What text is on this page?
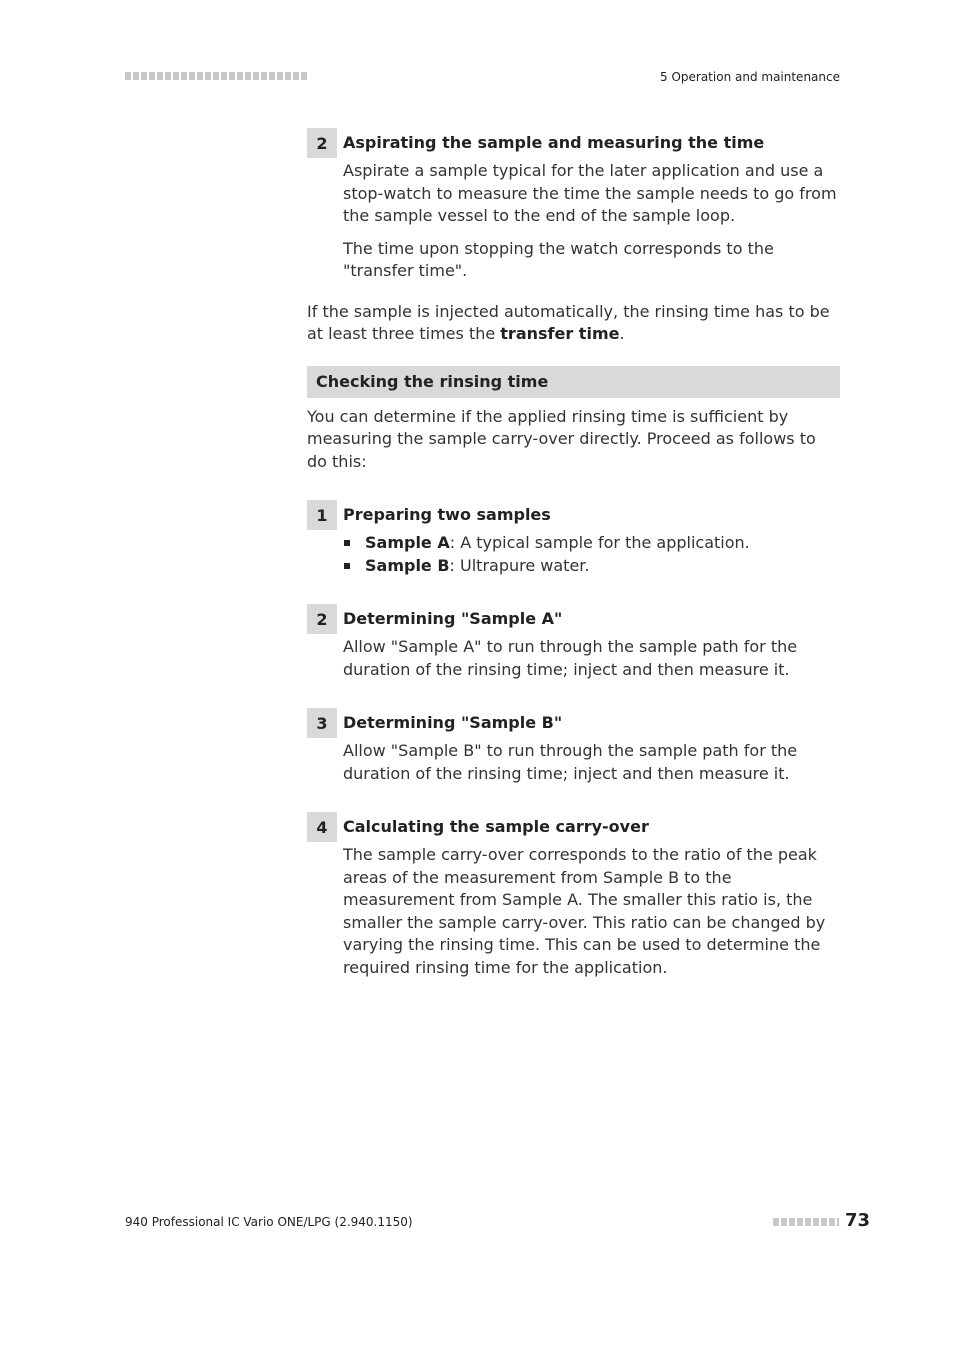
5 Operation and maintenance
2 Aspirating the sample and measuring the time

Aspirate a sample typical for the later application and use a stop-watch to measure the time the sample needs to go from the sample vessel to the end of the sample loop.

The time upon stopping the watch corresponds to the "transfer time".

If the sample is injected automatically, the rinsing time has to be at least three times the transfer time.

Checking the rinsing time

You can determine if the applied rinsing time is sufficient by measuring the sample carry-over directly. Proceed as follows to do this:

1 Preparing two samples
Sample A: A typical sample for the application.
Sample B: Ultrapure water.
2 Determining "Sample A"

Allow "Sample A" to run through the sample path for the duration of the rinsing time; inject and then measure it.

3 Determining "Sample B"

Allow "Sample B" to run through the sample path for the duration of the rinsing time; inject and then measure it.

4 Calculating the sample carry-over

The sample carry-over corresponds to the ratio of the peak areas of the measurement from Sample B to the measurement from Sample A. The smaller this ratio is, the smaller the sample carry-over. This ratio can be changed by varying the rinsing time. This can be used to determine the required rinsing time for the application.

940 Professional IC Vario ONE/LPG (2.940.1150)	73
